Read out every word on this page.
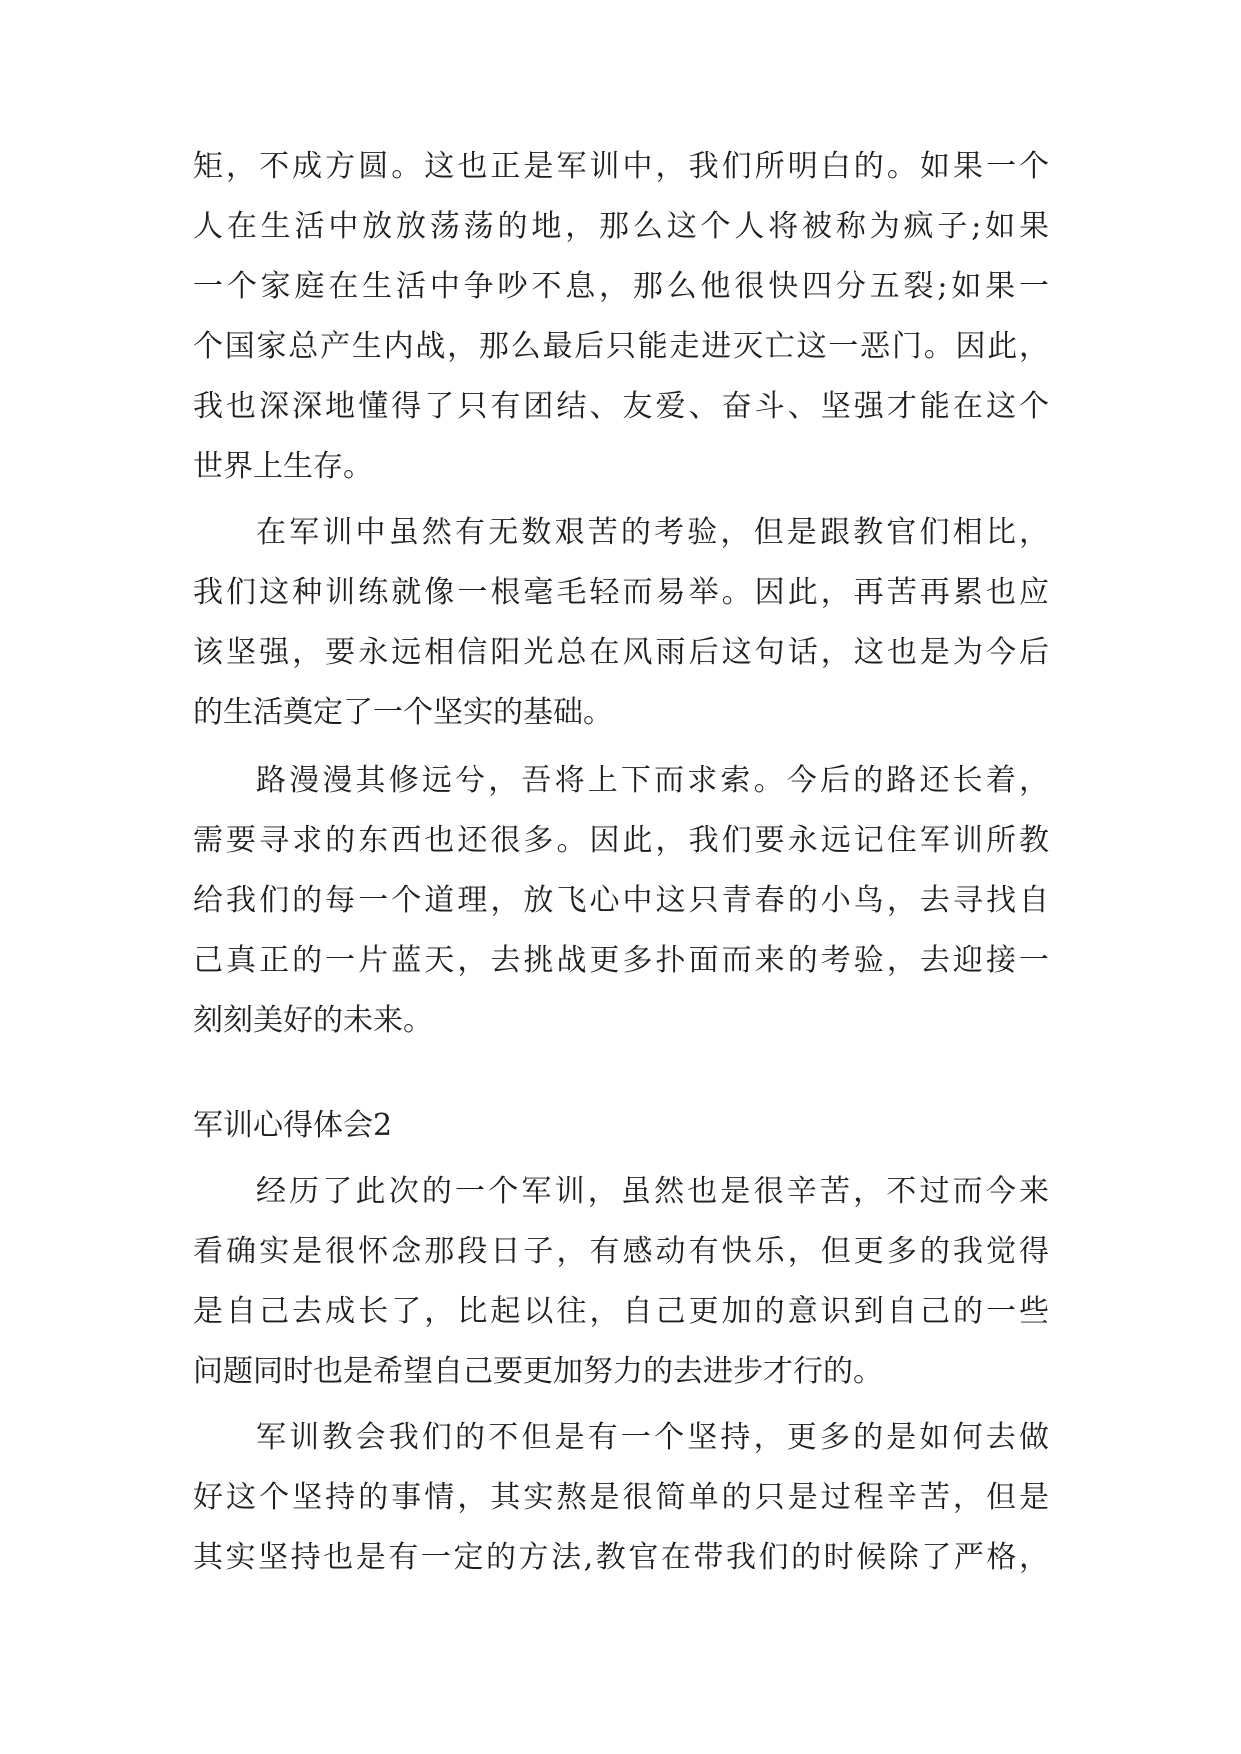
矩，不成方圆。这也正是军训中，我们所明白的。如果一个
人在生活中放放荡荡的地，那么这个人将被称为疯子;如果
一个家庭在生活中争吵不息，那么他很快四分五裂;如果一
个国家总产生内战，那么最后只能走进灭亡这一恶门。因此，
我也深深地懂得了只有团结、友爱、奋斗、坚强才能在这个
世界上生存。
在军训中虽然有无数艰苦的考验，但是跟教官们相比，
我们这种训练就像一根毫毛轻而易举。因此，再苦再累也应
该坚强，要永远相信阳光总在风雨后这句话，这也是为今后
的生活奠定了一个坚实的基础。
路漫漫其修远兮，吾将上下而求索。今后的路还长着，
需要寻求的东西也还很多。因此，我们要永远记住军训所教
给我们的每一个道理，放飞心中这只青春的小鸟，去寻找自
己真正的一片蓝天，去挑战更多扑面而来的考验，去迎接一
刻刻美好的未来。
军训心得体会2
经历了此次的一个军训，虽然也是很辛苦，不过而今来
看确实是很怀念那段日子，有感动有快乐，但更多的我觉得
是自己去成长了，比起以往，自己更加的意识到自己的一些
问题同时也是希望自己要更加努力的去进步才行的。
军训教会我们的不但是有一个坚持，更多的是如何去做
好这个坚持的事情，其实熬是很简单的只是过程辛苦，但是
其实坚持也是有一定的方法,教官在带我们的时候除了严格，
